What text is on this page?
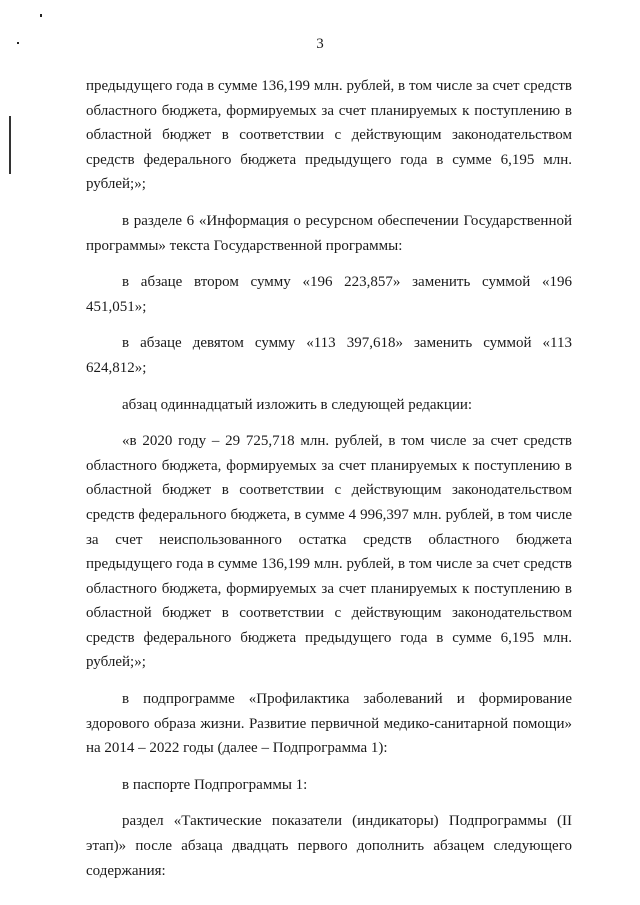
3

предыдущего года в сумме 136,199 млн. рублей, в том числе за счет средств областного бюджета, формируемых за счет планируемых к поступлению в областной бюджет в соответствии с действующим законодательством средств федерального бюджета предыдущего года в сумме 6,195 млн. рублей;»;

в разделе 6 «Информация о ресурсном обеспечении Государственной программы» текста Государственной программы:

в абзаце втором сумму «196 223,857» заменить суммой «196 451,051»;

в абзаце девятом сумму «113 397,618» заменить суммой «113 624,812»;

абзац одиннадцатый изложить в следующей редакции:

«в 2020 году – 29 725,718 млн. рублей, в том числе за счет средств областного бюджета, формируемых за счет планируемых к поступлению в областной бюджет в соответствии с действующим законодательством средств федерального бюджета, в сумме 4 996,397 млн. рублей, в том числе за счет неиспользованного остатка средств областного бюджета предыдущего года в сумме 136,199 млн. рублей, в том числе за счет средств областного бюджета, формируемых за счет планируемых к поступлению в областной бюджет в соответствии с действующим законодательством средств федерального бюджета предыдущего года в сумме 6,195 млн. рублей;»;

в подпрограмме «Профилактика заболеваний и формирование здорового образа жизни. Развитие первичной медико-санитарной помощи» на 2014 – 2022 годы (далее – Подпрограмма 1):

в паспорте Подпрограммы 1:

раздел «Тактические показатели (индикаторы) Подпрограммы (II этап)» после абзаца двадцать первого дополнить абзацем следующего содержания:
